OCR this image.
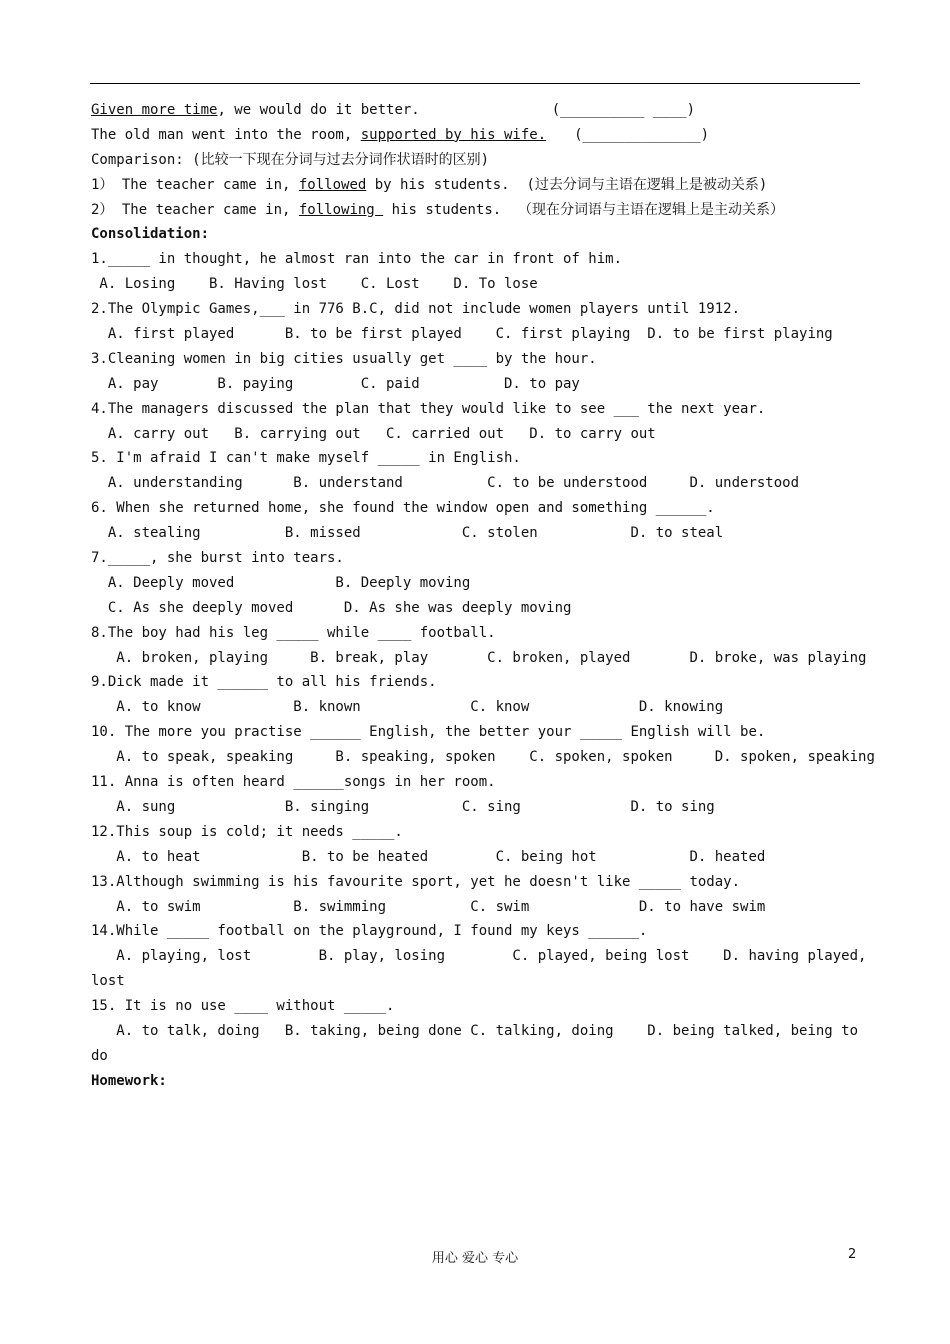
Given more time, we would do it better.	(__________ ____)
The old man went into the room, supported by his wife. (______________)
Comparison: (比较一下现在分词与过去分词作状语时的区别)
1） The teacher came in, followed by his students.  (过去分词与主语在逻辑上是被动关系)
2） The teacher came in, following  his students.  （现在分词语与主语在逻辑上是主动关系）
Consolidation:
1._____ in thought, he almost ran into the car in front of him.
A. Losing    B. Having lost    C. Lost    D. To lose
2.The Olympic Games,___ in 776 B.C, did not include women players until 1912.
A. first played      B. to be first played    C. first playing  D. to be first playing
3.Cleaning women in big cities usually get ____ by the hour.
A. pay       B. paying        C. paid          D. to pay
4.The managers discussed the plan that they would like to see ___ the next year.
A. carry out   B. carrying out   C. carried out   D. to carry out
5. I'm afraid I can't make myself _____ in English.
A. understanding      B. understand          C. to be understood     D. understood
6. When she returned home, she found the window open and something ______.
A. stealing          B. missed            C. stolen           D. to steal
7._____, she burst into tears.
A. Deeply moved            B. Deeply moving
C. As she deeply moved      D. As she was deeply moving
8.The boy had his leg _____ while ____ football.
A. broken, playing     B. break, play       C. broken, played       D. broke, was playing
9.Dick made it ______ to all his friends.
A. to know           B. known             C. know             D. knowing
10. The more you practise ______ English, the better your _____ English will be.
A. to speak, speaking     B. speaking, spoken    C. spoken, spoken     D. spoken, speaking
11. Anna is often heard ______songs in her room.
A. sung             B. singing           C. sing             D. to sing
12.This soup is cold; it needs _____.
A. to heat            B. to be heated        C. being hot           D. heated
13.Although swimming is his favourite sport, yet he doesn't like _____ today.
A. to swim           B. swimming          C. swim             D. to have swim
14.While _____ football on the playground, I found my keys ______.
A. playing, lost        B. play, losing        C. played, being lost    D. having played,
lost
15. It is no use ____ without _____.
A. to talk, doing   B. taking, being done C. talking, doing    D. being talked, being to
do
Homework:
用心 爱心 专心	2
